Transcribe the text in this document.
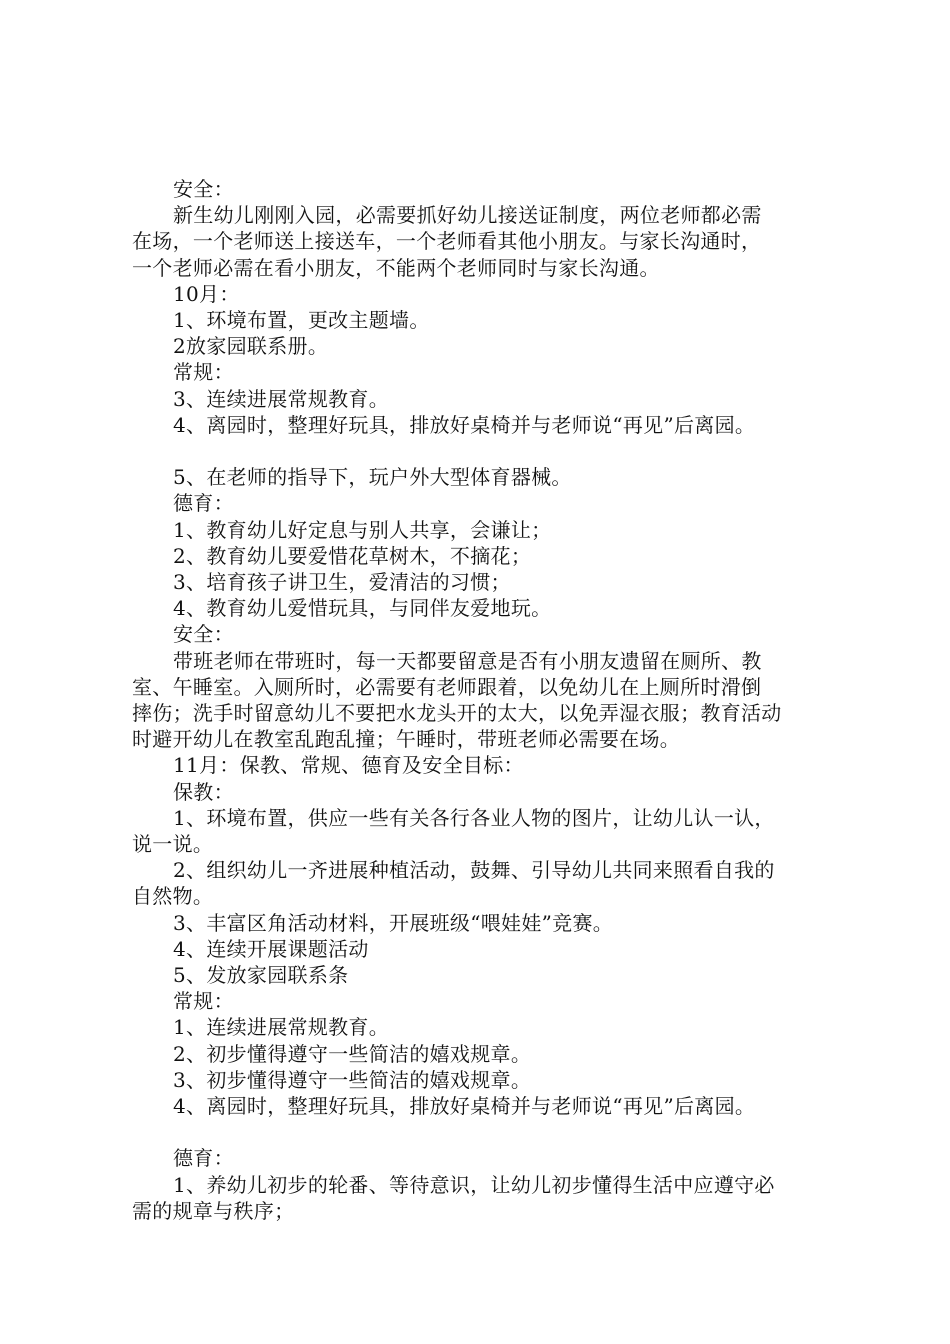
安全：
新生幼儿刚刚入园，必需要抓好幼儿接送证制度，两位老师都必需
在场，一个老师送上接送车，一个老师看其他小朋友。与家长沟通时，
一个老师必需在看小朋友，不能两个老师同时与家长沟通。
10月：
1、环境布置，更改主题墙。
2放家园联系册。
常规：
3、连续进展常规教育。
4、离园时，整理好玩具，排放好桌椅并与老师说“再见”后离园。
5、在老师的指导下，玩户外大型体育器械。
德育：
1、教育幼儿好定息与别人共享，会谦让；
2、教育幼儿要爱惜花草树木，不摘花；
3、培育孩子讲卫生，爱清洁的习惯；
4、教育幼儿爱惜玩具，与同伴友爱地玩。
安全：
带班老师在带班时，每一天都要留意是否有小朋友遗留在厕所、教
室、午睡室。入厕所时，必需要有老师跟着，以免幼儿在上厕所时滑倒
摔伤；洗手时留意幼儿不要把水龙头开的太大，以免弄湿衣服；教育活动
时避开幼儿在教室乱跑乱撞；午睡时，带班老师必需要在场。
11月：保教、常规、德育及安全目标：
保教：
1、环境布置，供应一些有关各行各业人物的图片，让幼儿认一认，
说一说。
2、组织幼儿一齐进展种植活动，鼓舞、引导幼儿共同来照看自我的
自然物。
3、丰富区角活动材料，开展班级“喂娃娃”竞赛。
4、连续开展课题活动
5、发放家园联系条
常规：
1、连续进展常规教育。
2、初步懂得遵守一些简洁的嬉戏规章。
3、初步懂得遵守一些简洁的嬉戏规章。
4、离园时，整理好玩具，排放好桌椅并与老师说“再见”后离园。
德育：
1、养幼儿初步的轮番、等待意识，让幼儿初步懂得生活中应遵守必
需的规章与秩序；
